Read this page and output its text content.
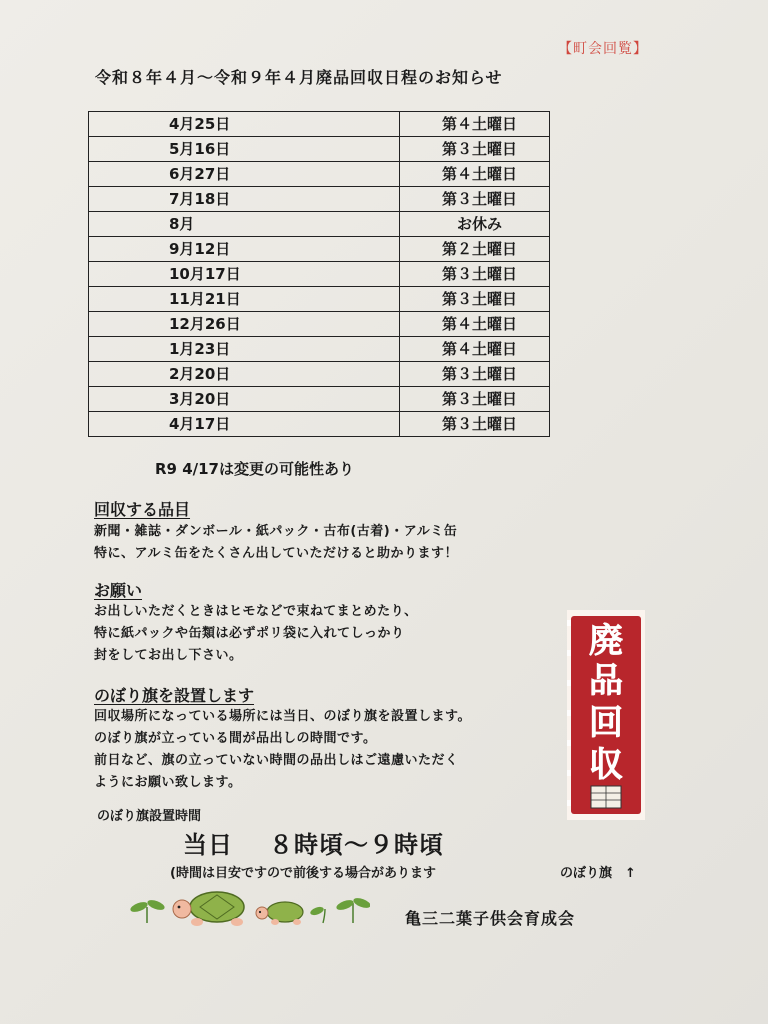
【町会回覧】
令和８年４月～令和９年４月廃品回収日程のお知らせ
4月25日	第４土曜日
5月16日	第３土曜日
6月27日	第４土曜日
7月18日	第３土曜日
8月	お休み
9月12日	第２土曜日
10月17日	第３土曜日
11月21日	第３土曜日
12月26日	第４土曜日
1月23日	第４土曜日
2月20日	第３土曜日
3月20日	第３土曜日
4月17日	第３土曜日
R9 4/17は変更の可能性あり
回収する品目
新聞・雑誌・ダンボール・紙パック・古布(古着)・アルミ缶
特に、アルミ缶をたくさん出していただけると助かります！
お願い
お出しいただくときはヒモなどで束ねてまとめたり、
特に紙パックや缶類は必ずポリ袋に入れてしっかり
封をしてお出し下さい。
のぼり旗を設置します
回収場所になっている場所には当日、のぼり旗を設置します。
のぼり旗が立っている間が品出しの時間です。
前日など、旗の立っていない時間の品出しはご遠慮いただく
ようにお願い致します。
のぼり旗設置時間
当日 ８時頃～９時頃
(時間は目安ですので前後する場合があります	のぼり旗　↑
廃
品
回
収
亀三二葉子供会育成会
